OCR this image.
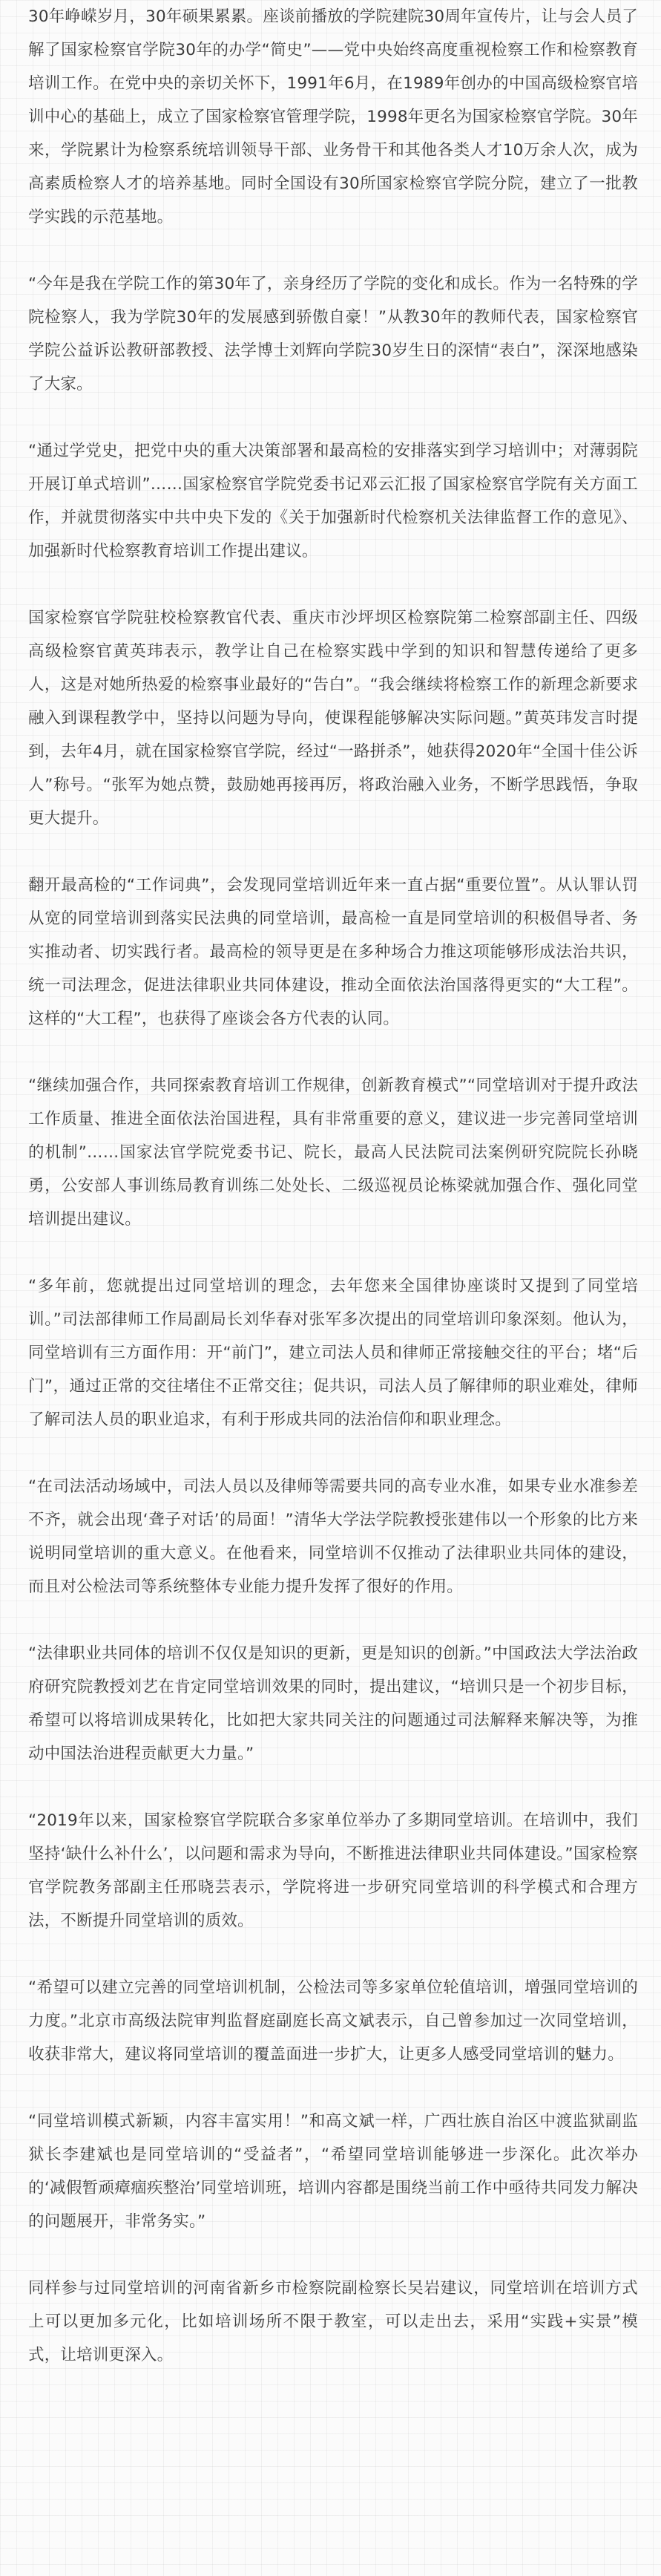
30年峥嵘岁月，30年硕果累累。座谈前播放的学院建院30周年宣传片，让与会人员了解了国家检察官学院30年的办学“简史”——党中央始终高度重视检察工作和检察教育培训工作。在党中央的亲切关怀下，1991年6月，在1989年创办的中国高级检察官培训中心的基础上，成立了国家检察官管理学院，1998年更名为国家检察官学院。30年来，学院累计为检察系统培训领导干部、业务骨干和其他各类人才10万余人次，成为高素质检察人才的培养基地。同时全国设有30所国家检察官学院分院，建立了一批教学实践的示范基地。

“今年是我在学院工作的第30年了，亲身经历了学院的变化和成长。作为一名特殊的学院检察人，我为学院30年的发展感到骄傲自豪！”从教30年的教师代表，国家检察官学院公益诉讼教研部教授、法学博士刘辉向学院30岁生日的深情“表白”，深深地感染了大家。

“通过学党史，把党中央的重大决策部署和最高检的安排落实到学习培训中；对薄弱院开展订单式培训”……国家检察官学院党委书记邓云汇报了国家检察官学院有关方面工作，并就贯彻落实中共中央下发的《关于加强新时代检察机关法律监督工作的意见》、加强新时代检察教育培训工作提出建议。

国家检察官学院驻校检察教官代表、重庆市沙坪坝区检察院第二检察部副主任、四级高级检察官黄英玮表示，教学让自己在检察实践中学到的知识和智慧传递给了更多人，这是对她所热爱的检察事业最好的“告白”。“我会继续将检察工作的新理念新要求融入到课程教学中，坚持以问题为导向，使课程能够解决实际问题。”黄英玮发言时提到，去年4月，就在国家检察官学院，经过“一路拼杀”，她获得2020年“全国十佳公诉人”称号。“张军为她点赞，鼓励她再接再厉，将政治融入业务，不断学思践悟，争取更大提升。

翻开最高检的“工作词典”，会发现同堂培训近年来一直占据“重要位置”。从认罪认罚从宽的同堂培训到落实民法典的同堂培训，最高检一直是同堂培训的积极倡导者、务实推动者、切实践行者。最高检的领导更是在多种场合力推这项能够形成法治共识，统一司法理念，促进法律职业共同体建设，推动全面依法治国落得更实的“大工程”。这样的“大工程”，也获得了座谈会各方代表的认同。

“继续加强合作，共同探索教育培训工作规律，创新教育模式”“同堂培训对于提升政法工作质量、推进全面依法治国进程，具有非常重要的意义，建议进一步完善同堂培训的机制”……国家法官学院党委书记、院长，最高人民法院司法案例研究院院长孙晓勇，公安部人事训练局教育训练二处处长、二级巡视员论栋梁就加强合作、强化同堂培训提出建议。

“多年前，您就提出过同堂培训的理念，去年您来全国律协座谈时又提到了同堂培训。”司法部律师工作局副局长刘华春对张军多次提出的同堂培训印象深刻。他认为，同堂培训有三方面作用：开“前门”，建立司法人员和律师正常接触交往的平台；堵“后门”，通过正常的交往堵住不正常交往；促共识，司法人员了解律师的职业难处，律师了解司法人员的职业追求，有利于形成共同的法治信仰和职业理念。

“在司法活动场域中，司法人员以及律师等需要共同的高专业水准，如果专业水准参差不齐，就会出现‘聋子对话’的局面！”清华大学法学院教授张建伟以一个形象的比方来说明同堂培训的重大意义。在他看来，同堂培训不仅推动了法律职业共同体的建设，而且对公检法司等系统整体专业能力提升发挥了很好的作用。

“法律职业共同体的培训不仅仅是知识的更新，更是知识的创新。”中国政法大学法治政府研究院教授刘艺在肯定同堂培训效果的同时，提出建议，“培训只是一个初步目标，希望可以将培训成果转化，比如把大家共同关注的问题通过司法解释来解决等，为推动中国法治进程贡献更大力量。”

“2019年以来，国家检察官学院联合多家单位举办了多期同堂培训。在培训中，我们坚持‘缺什么补什么’，以问题和需求为导向，不断推进法律职业共同体建设。”国家检察官学院教务部副主任邢晓芸表示，学院将进一步研究同堂培训的科学模式和合理方法，不断提升同堂培训的质效。

“希望可以建立完善的同堂培训机制，公检法司等多家单位轮值培训，增强同堂培训的力度。”北京市高级法院审判监督庭副庭长高文斌表示，自己曾参加过一次同堂培训，收获非常大，建议将同堂培训的覆盖面进一步扩大，让更多人感受同堂培训的魅力。

“同堂培训模式新颖，内容丰富实用！”和高文斌一样，广西壮族自治区中渡监狱副监狱长李建斌也是同堂培训的“受益者”，“希望同堂培训能够进一步深化。此次举办的‘减假暂顽瘴痼疾整治’同堂培训班，培训内容都是围绕当前工作中亟待共同发力解决的问题展开，非常务实。”

同样参与过同堂培训的河南省新乡市检察院副检察长吴岩建议，同堂培训在培训方式上可以更加多元化，比如培训场所不限于教室，可以走出去，采用“实践+实景”模式，让培训更深入。
